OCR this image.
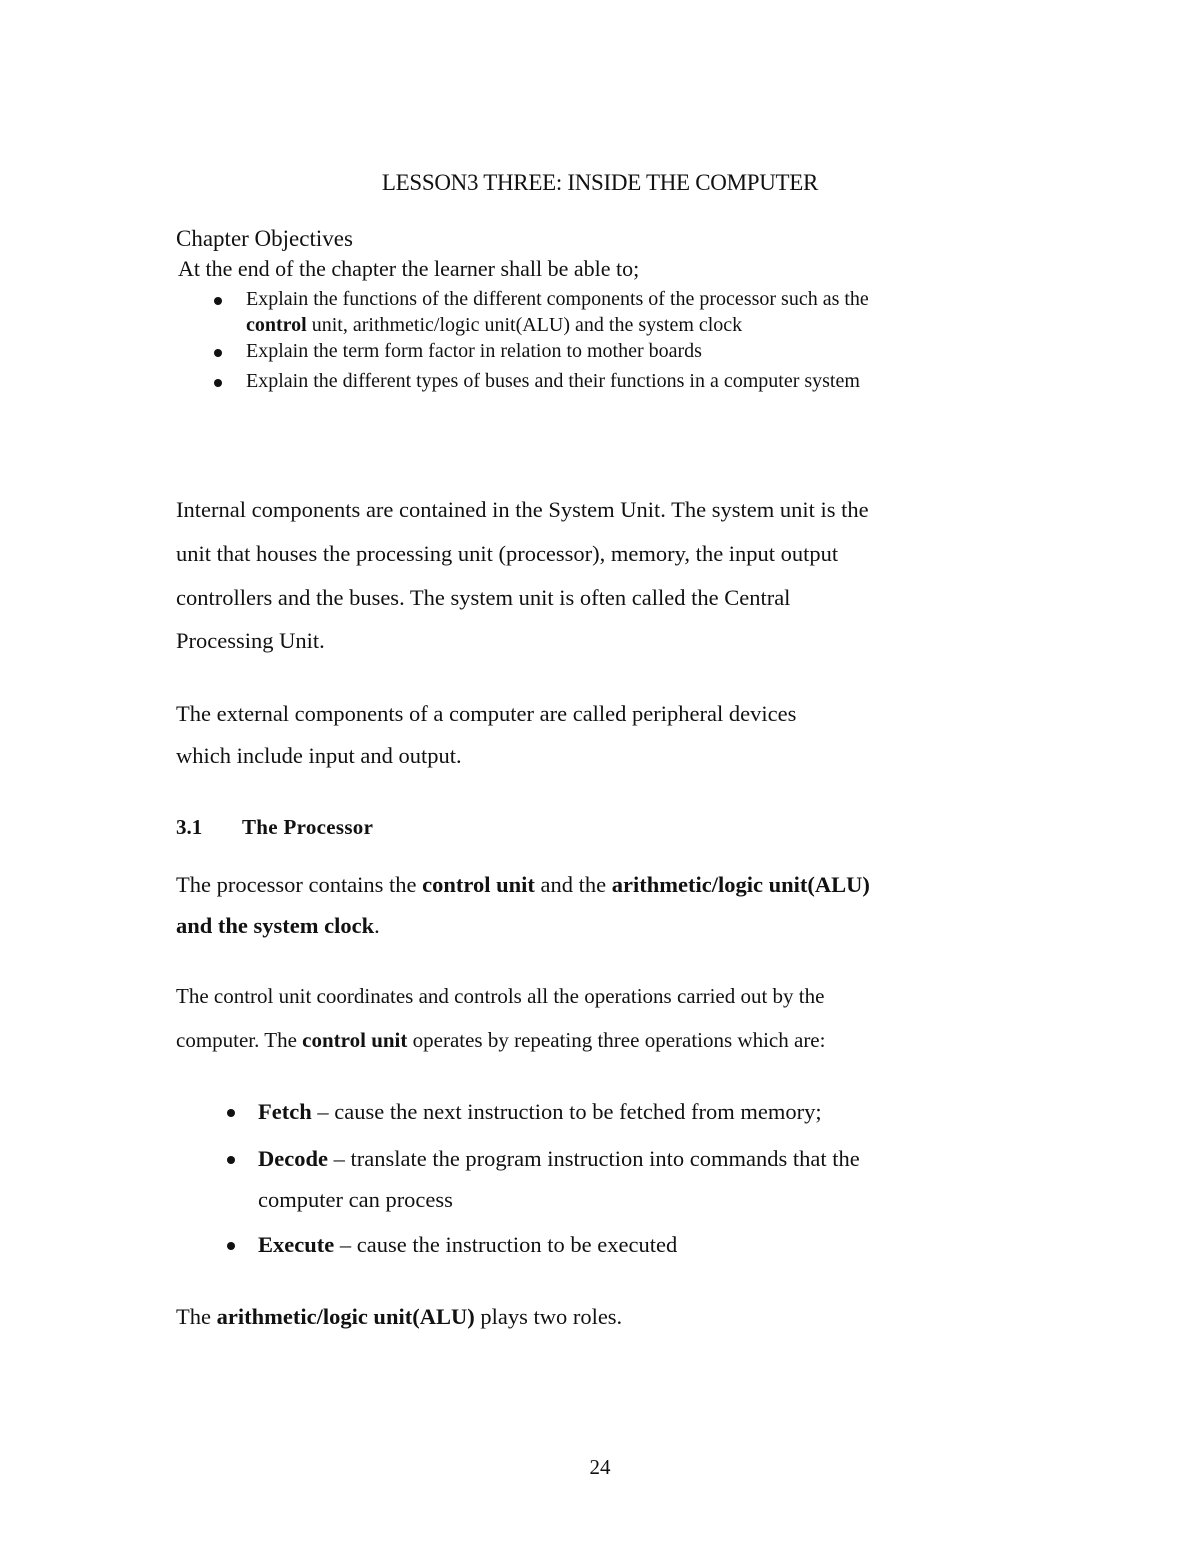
LESSON3 THREE: INSIDE THE COMPUTER
Chapter Objectives
At the end of the chapter the learner shall be able to;
Explain the functions of the different components of the processor such as the
control unit, arithmetic/logic unit(ALU) and the system clock
Explain the term form factor in relation to mother boards
Explain the different types of buses and their functions in a computer system
Internal components are contained in the System Unit. The system unit is the
unit that houses the processing unit (processor), memory, the input output
controllers and the buses. The system unit is often called the Central
Processing Unit.
The external components of a computer are called peripheral devices
which include input and output.
3.1 The Processor
The processor contains the control unit and the arithmetic/logic unit(ALU)
and the system clock.
The control unit coordinates and controls all the operations carried out by the
computer. The control unit operates by repeating three operations which are:
Fetch – cause the next instruction to be fetched from memory;
Decode – translate the program instruction into commands that the
computer can process
Execute – cause the instruction to be executed
The arithmetic/logic unit(ALU) plays two roles.
24
